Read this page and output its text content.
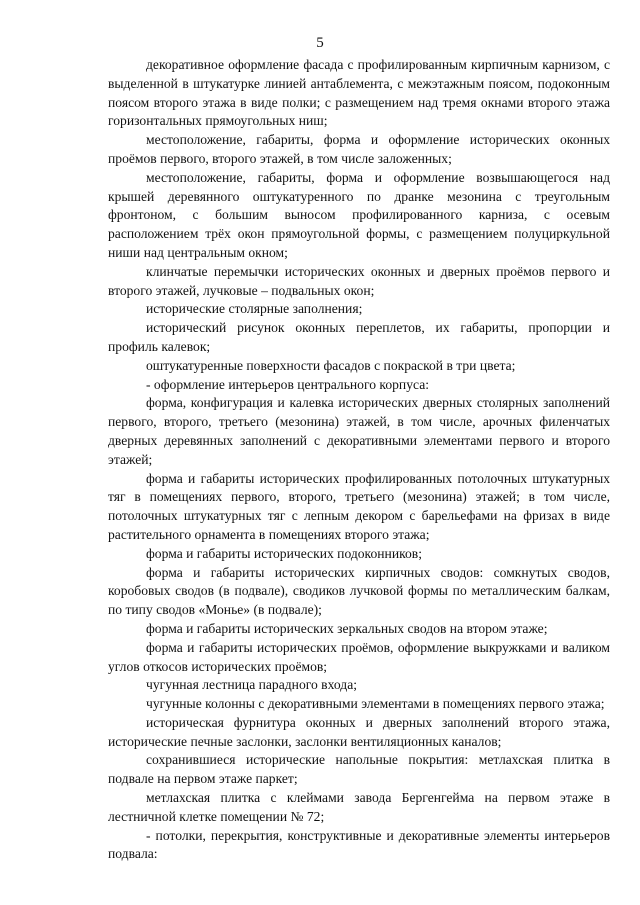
5

декоративное оформление фасада с профилированным кирпичным карнизом, с выделенной в штукатурке линией антаблемента, с межэтажным поясом, подоконным поясом второго этажа в виде полки; с размещением над тремя окнами второго этажа горизонтальных прямоугольных ниш;

местоположение, габариты, форма и оформление исторических оконных проёмов первого, второго этажей, в том числе заложенных;

местоположение, габариты, форма и оформление возвышающегося над крышей деревянного оштукатуренного по дранке мезонина с треугольным фронтоном, с большим выносом профилированного карниза, с осевым расположением трёх окон прямоугольной формы, с размещением полуциркульной ниши над центральным окном;

клинчатые перемычки исторических оконных и дверных проёмов первого и второго этажей, лучковые – подвальных окон;

исторические столярные заполнения;

исторический рисунок оконных переплетов, их габариты, пропорции и профиль калевок;

оштукатуренные поверхности фасадов с покраской в три цвета;

- оформление интерьеров центрального корпуса:

форма, конфигурация и калевка исторических дверных столярных заполнений первого, второго, третьего (мезонина) этажей, в том числе, арочных филенчатых дверных деревянных заполнений с декоративными элементами первого и второго этажей;

форма и габариты исторических профилированных потолочных штукатурных тяг в помещениях первого, второго, третьего (мезонина) этажей; в том числе, потолочных штукатурных тяг с лепным декором с барельефами на фризах в виде растительного орнамента в помещениях второго этажа;

форма и габариты исторических подоконников;

форма и габариты исторических кирпичных сводов: сомкнутых сводов, коробовых сводов (в подвале), сводиков лучковой формы по металлическим балкам, по типу сводов «Монье» (в подвале);

форма и габариты исторических зеркальных сводов на втором этаже;

форма и габариты исторических проёмов, оформление выкружками и валиком углов откосов исторических проёмов;

чугунная лестница парадного входа;

чугунные колонны с декоративными элементами в помещениях первого этажа;

историческая фурнитура оконных и дверных заполнений второго этажа, исторические печные заслонки, заслонки вентиляционных каналов;

сохранившиеся исторические напольные покрытия: метлахская плитка в подвале на первом этаже паркет;

метлахская плитка с клеймами завода Бергенгейма на первом этаже в лестничной клетке помещении № 72;

- потолки, перекрытия, конструктивные и декоративные элементы интерьеров подвала:
